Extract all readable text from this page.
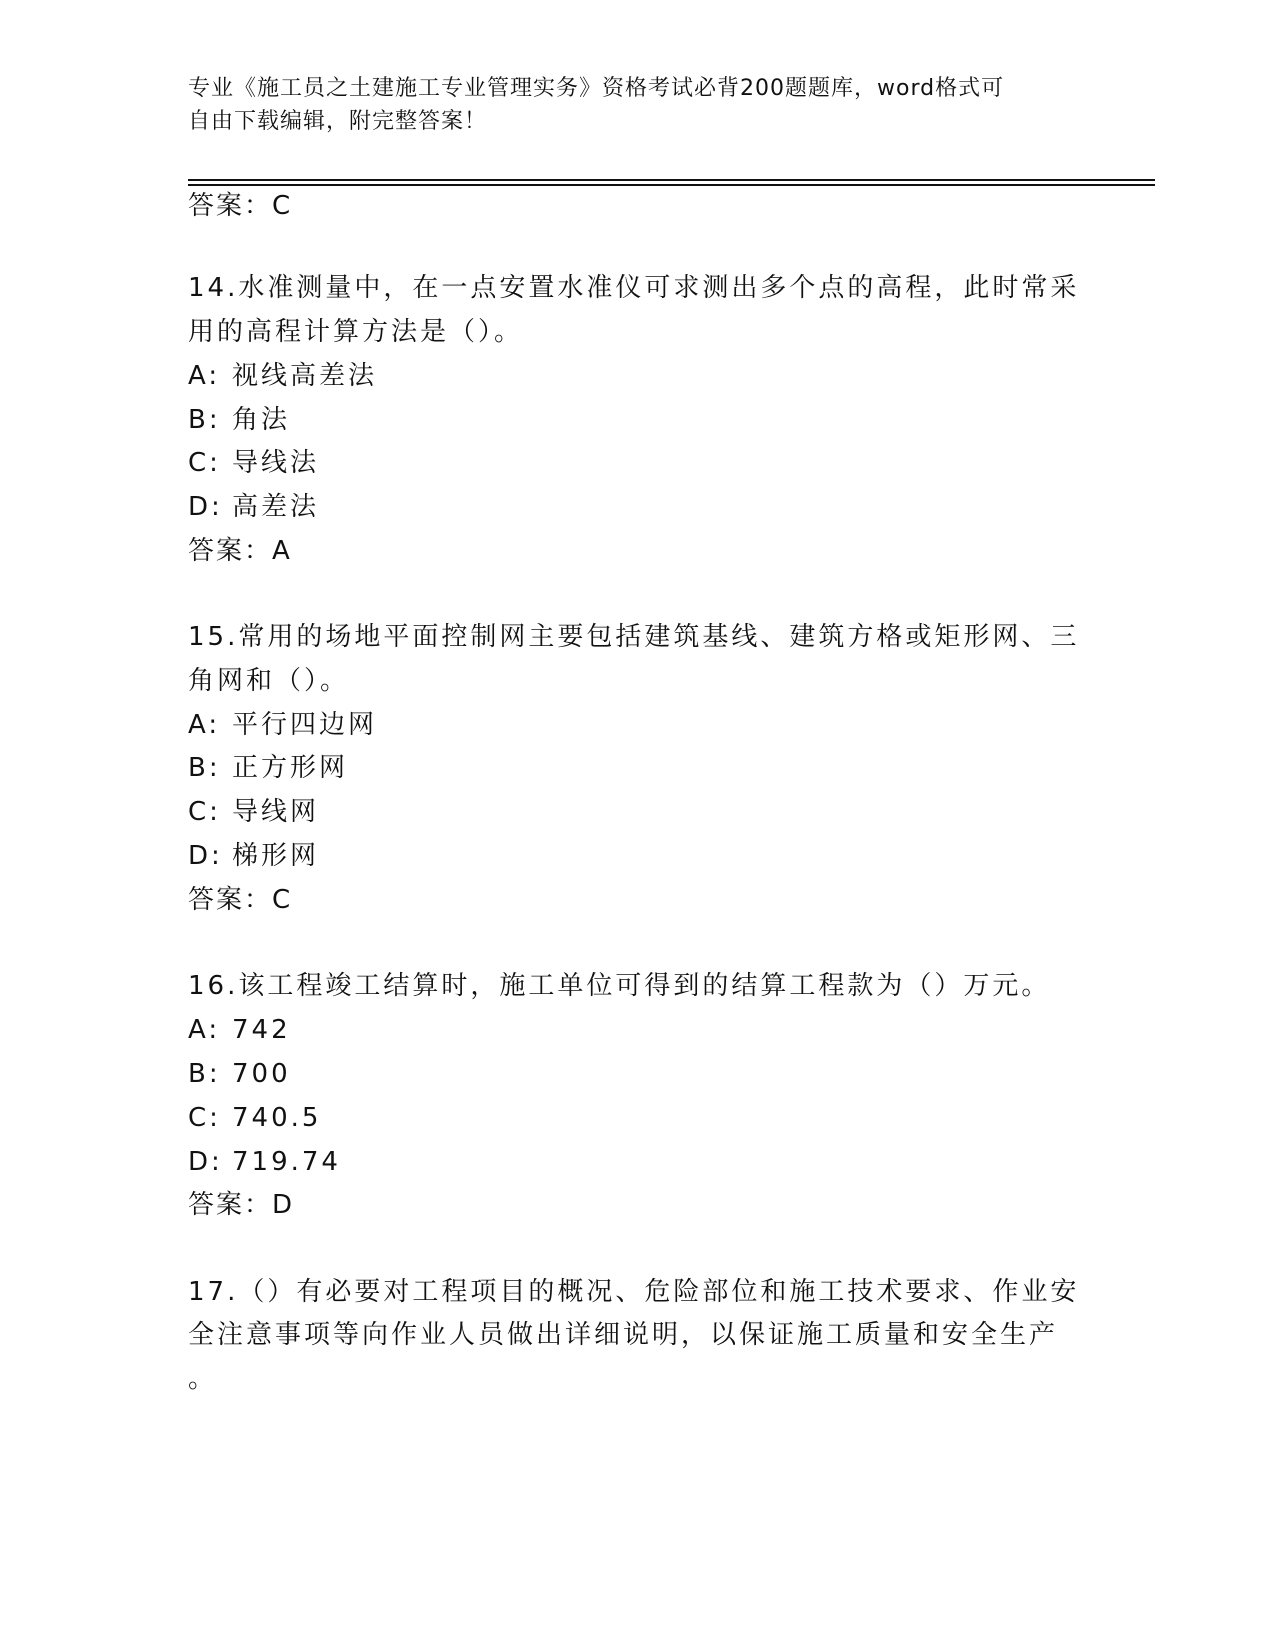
专业《施工员之土建施工专业管理实务》资格考试必背200题题库，word格式可
自由下载编辑，附完整答案！
答案：C
14.水准测量中，在一点安置水准仪可求测出多个点的高程，此时常采
用的高程计算方法是（）。
A: 视线高差法
B: 角法
C: 导线法
D: 高差法
答案：A
15.常用的场地平面控制网主要包括建筑基线、建筑方格或矩形网、三
角网和（）。
A: 平行四边网
B: 正方形网
C: 导线网
D: 梯形网
答案：C
16.该工程竣工结算时，施工单位可得到的结算工程款为（）万元。
A: 742
B: 700
C: 740.5
D: 719.74
答案：D
17.（）有必要对工程项目的概况、危险部位和施工技术要求、作业安
全注意事项等向作业人员做出详细说明，以保证施工质量和安全生产
。
